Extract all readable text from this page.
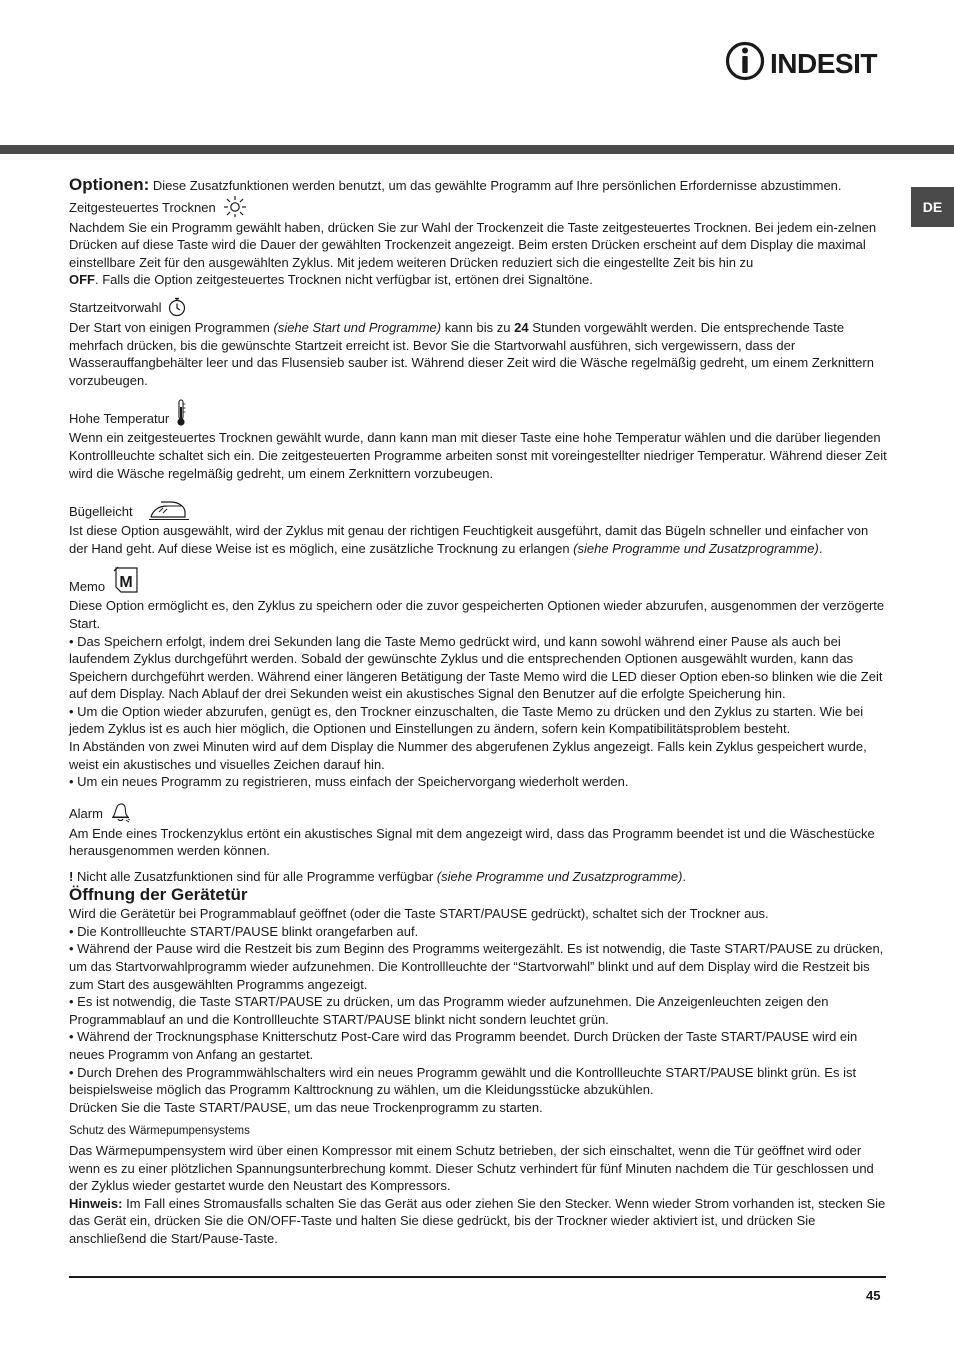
INDESIT
DE

Optionen: Diese Zusatzfunktionen werden benutzt, um das gewählte Programm auf Ihre persönlichen Erfordernisse abzustimmen.

Zeitgesteuertes Trocknen

Nachdem Sie ein Programm gewählt haben, drücken Sie zur Wahl der Trockenzeit die Taste zeitgesteuertes Trocknen. Bei jedem ein-zelnen Drücken auf diese Taste wird die Dauer der gewählten Trockenzeit angezeigt. Beim ersten Drücken erscheint auf dem Display die maximal einstellbare Zeit für den ausgewählten Zyklus. Mit jedem weiteren Drücken reduziert sich die eingestellte Zeit bis hin zu
OFF. Falls die Option zeitgesteuertes Trocknen nicht verfügbar ist, ertönen drei Signaltöne.

Startzeitvorwahl

Der Start von einigen Programmen (siehe Start und Programme) kann bis zu 24 Stunden vorgewählt werden. Die entsprechende Taste mehrfach drücken, bis die gewünschte Startzeit erreicht ist. Bevor Sie die Startvorwahl ausführen, sich vergewissern, dass der Wasserauffangbehälter leer und das Flusensieb sauber ist. Während dieser Zeit wird die Wäsche regelmäßig gedreht, um einem Zerknittern vorzubeugen.

Hohe Temperatur

Wenn ein zeitgesteuertes Trocknen gewählt wurde, dann kann man mit dieser Taste eine hohe Temperatur wählen und die darüber liegenden Kontrollleuchte schaltet sich ein. Die zeitgesteuerten Programme arbeiten sonst mit voreingestellter niedriger Temperatur. Während dieser Zeit wird die Wäsche regelmäßig gedreht, um einem Zerknittern vorzubeugen.

Bügelleicht

Ist diese Option ausgewählt, wird der Zyklus mit genau der richtigen Feuchtigkeit ausgeführt, damit das Bügeln schneller und einfacher von der Hand geht. Auf diese Weise ist es möglich, eine zusätzliche Trocknung zu erlangen (siehe Programme und Zusatzprogramme).

Memo M

Diese Option ermöglicht es, den Zyklus zu speichern oder die zuvor gespeicherten Optionen wieder abzurufen, ausgenommen der verzögerte Start.

• Das Speichern erfolgt, indem drei Sekunden lang die Taste Memo gedrückt wird, und kann sowohl während einer Pause als auch bei laufendem Zyklus durchgeführt werden. Sobald der gewünschte Zyklus und die entsprechenden Optionen ausgewählt wurden, kann das Speichern durchgeführt werden. Während einer längeren Betätigung der Taste Memo wird die LED dieser Option eben-so blinken wie die Zeit auf dem Display. Nach Ablauf der drei Sekunden weist ein akustisches Signal den Benutzer auf die erfolgte Speicherung hin.

• Um die Option wieder abzurufen, genügt es, den Trockner einzuschalten, die Taste Memo zu drücken und den Zyklus zu starten. Wie bei jedem Zyklus ist es auch hier möglich, die Optionen und Einstellungen zu ändern, sofern kein Kompatibilitätsproblem besteht.

In Abständen von zwei Minuten wird auf dem Display die Nummer des abgerufenen Zyklus angezeigt. Falls kein Zyklus gespeichert wurde, weist ein akustisches und visuelles Zeichen darauf hin.

• Um ein neues Programm zu registrieren, muss einfach der Speichervorgang wiederholt werden.

Alarm

Am Ende eines Trockenzyklus ertönt ein akustisches Signal mit dem angezeigt wird, dass das Programm beendet ist und die Wäschestücke herausgenommen werden können.

! Nicht alle Zusatzfunktionen sind für alle Programme verfügbar (siehe Programme und Zusatzprogramme).

Öffnung der Gerätetür

Wird die Gerätetür bei Programmablauf geöffnet (oder die Taste START/PAUSE gedrückt), schaltet sich der Trockner aus.

• Die Kontrollleuchte START/PAUSE blinkt orangefarben auf.

• Während der Pause wird die Restzeit bis zum Beginn des Programms weitergezählt. Es ist notwendig, die Taste START/PAUSE zu drücken, um das Startvorwahlprogramm wieder aufzunehmen. Die Kontrollleuchte der “Startvorwahl” blinkt und auf dem Display wird die Restzeit bis zum Start des ausgewählten Programms angezeigt.

• Es ist notwendig, die Taste START/PAUSE zu drücken, um das Programm wieder aufzunehmen. Die Anzeigenleuchten zeigen den Programmablauf an und die Kontrollleuchte START/PAUSE blinkt nicht sondern leuchtet grün.

• Während der Trocknungsphase Knitterschutz Post-Care wird das Programm beendet. Durch Drücken der Taste START/PAUSE wird ein neues Programm von Anfang an gestartet.

• Durch Drehen des Programmwählschalters wird ein neues Programm gewählt und die Kontrollleuchte START/PAUSE blinkt grün. Es ist beispielsweise möglich das Programm Kalttrocknung zu wählen, um die Kleidungsstücke abzukühlen.

Drücken Sie die Taste START/PAUSE, um das neue Trockenprogramm zu starten.

Schutz des Wärmepumpensystems

Das Wärmepumpensystem wird über einen Kompressor mit einem Schutz betrieben, der sich einschaltet, wenn die Tür geöffnet wird oder wenn es zu einer plötzlichen Spannungsunterbrechung kommt. Dieser Schutz verhindert für fünf Minuten nachdem die Tür geschlossen und der Zyklus wieder gestartet wurde den Neustart des Kompressors.

Hinweis: Im Fall eines Stromausfalls schalten Sie das Gerät aus oder ziehen Sie den Stecker. Wenn wieder Strom vorhanden ist, stecken Sie das Gerät ein, drücken Sie die ON/OFF-Taste und halten Sie diese gedrückt, bis der Trockner wieder aktiviert ist, und drücken Sie anschließend die Start/Pause-Taste.

45
